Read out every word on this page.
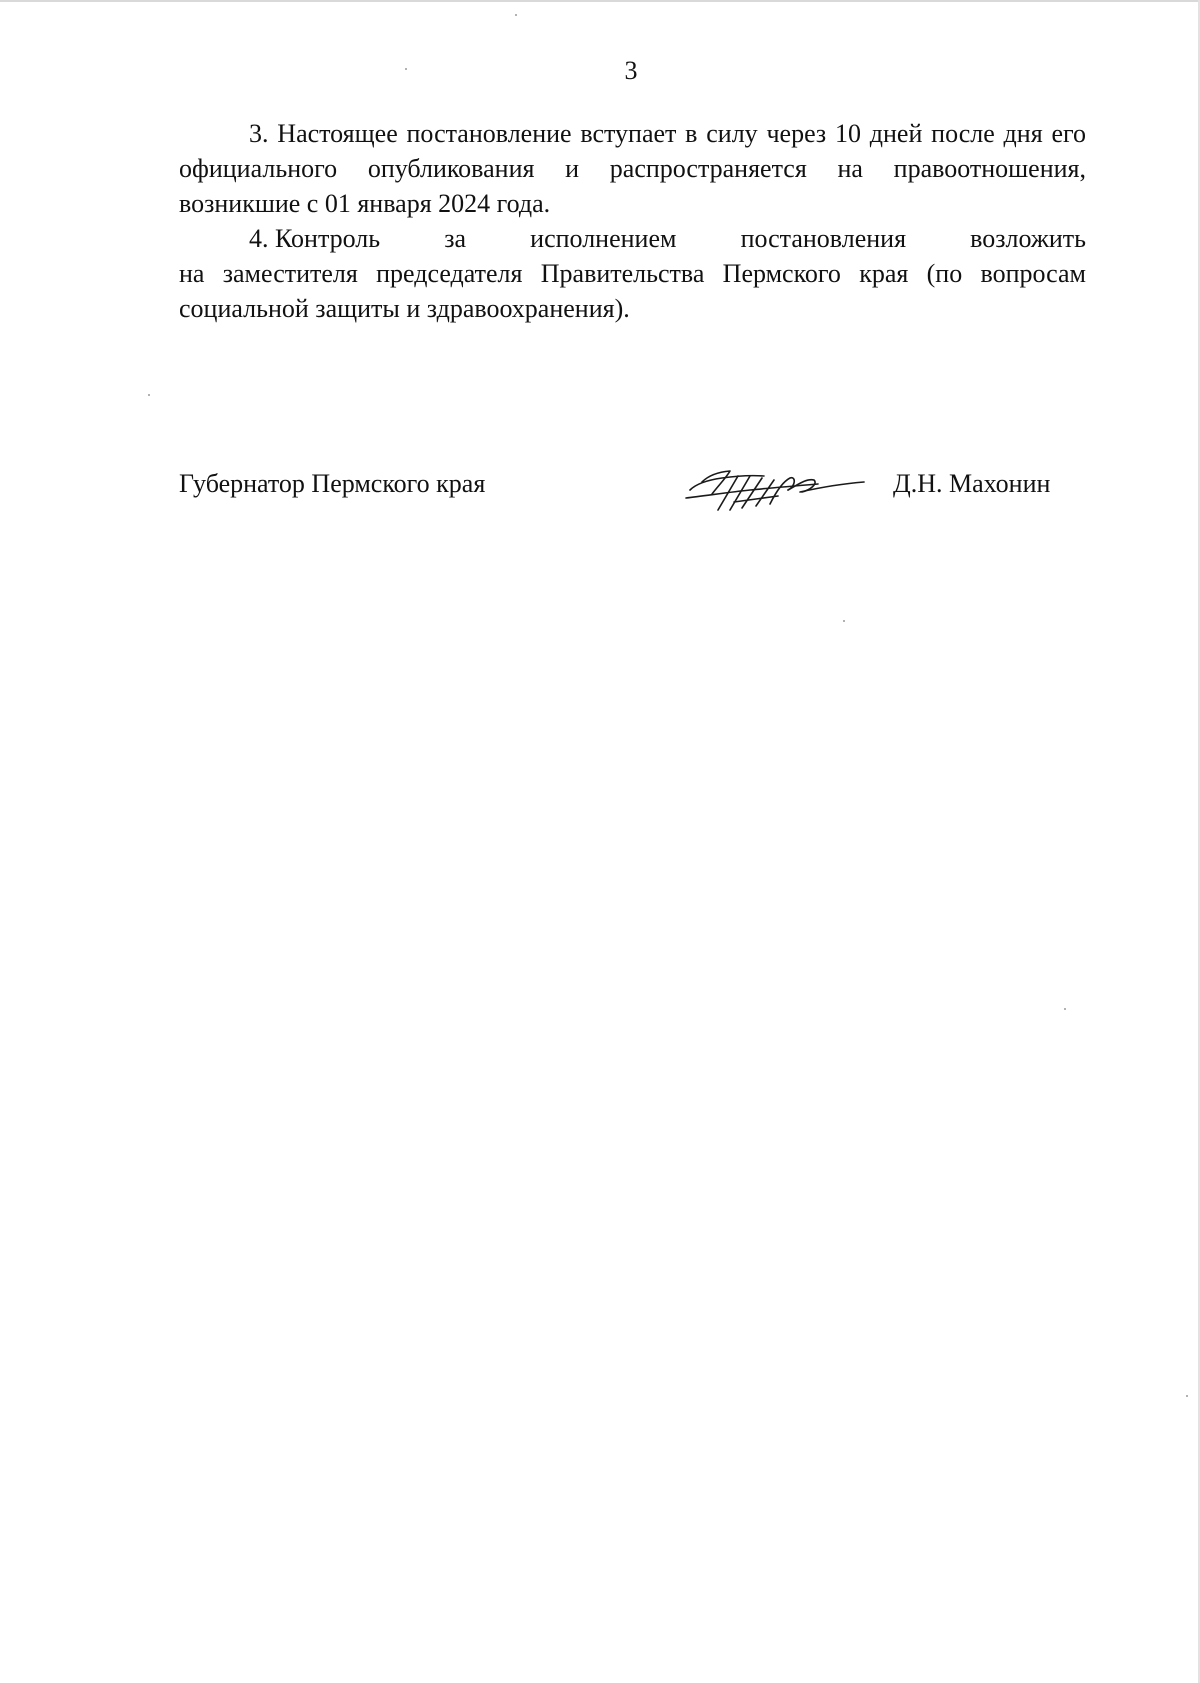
3
3. Настоящее постановление вступает в силу через 10 дней после дня его официального опубликования и распространяется на правоотношения, возникшие с 01 января 2024 года.
4. Контроль за исполнением постановления возложить
на заместителя председателя Правительства Пермского края (по вопросам социальной защиты и здравоохранения).
Губернатор Пермского края	Д.Н. Махонин
